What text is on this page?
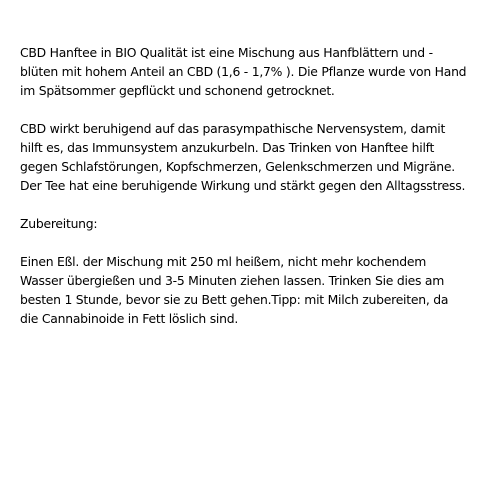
CBD Hanftee in BIO Qualität ist eine Mischung aus Hanfblättern und -
blüten mit hohem Anteil an CBD (1,6 - 1,7% ). Die Pflanze wurde von Hand
im Spätsommer gepflückt und schonend getrocknet.

CBD wirkt beruhigend auf das parasympathische Nervensystem, damit
hilft es, das Immunsystem anzukurbeln. Das Trinken von Hanftee hilft
gegen Schlafstörungen, Kopfschmerzen, Gelenkschmerzen und Migräne.
Der Tee hat eine beruhigende Wirkung und stärkt gegen den Alltagsstress.

Zubereitung:

Einen Eßl. der Mischung mit 250 ml heißem, nicht mehr kochendem
Wasser übergießen und 3-5 Minuten ziehen lassen. Trinken Sie dies am
besten 1 Stunde, bevor sie zu Bett gehen.Tipp: mit Milch zubereiten, da
die Cannabinoide in Fett löslich sind.
